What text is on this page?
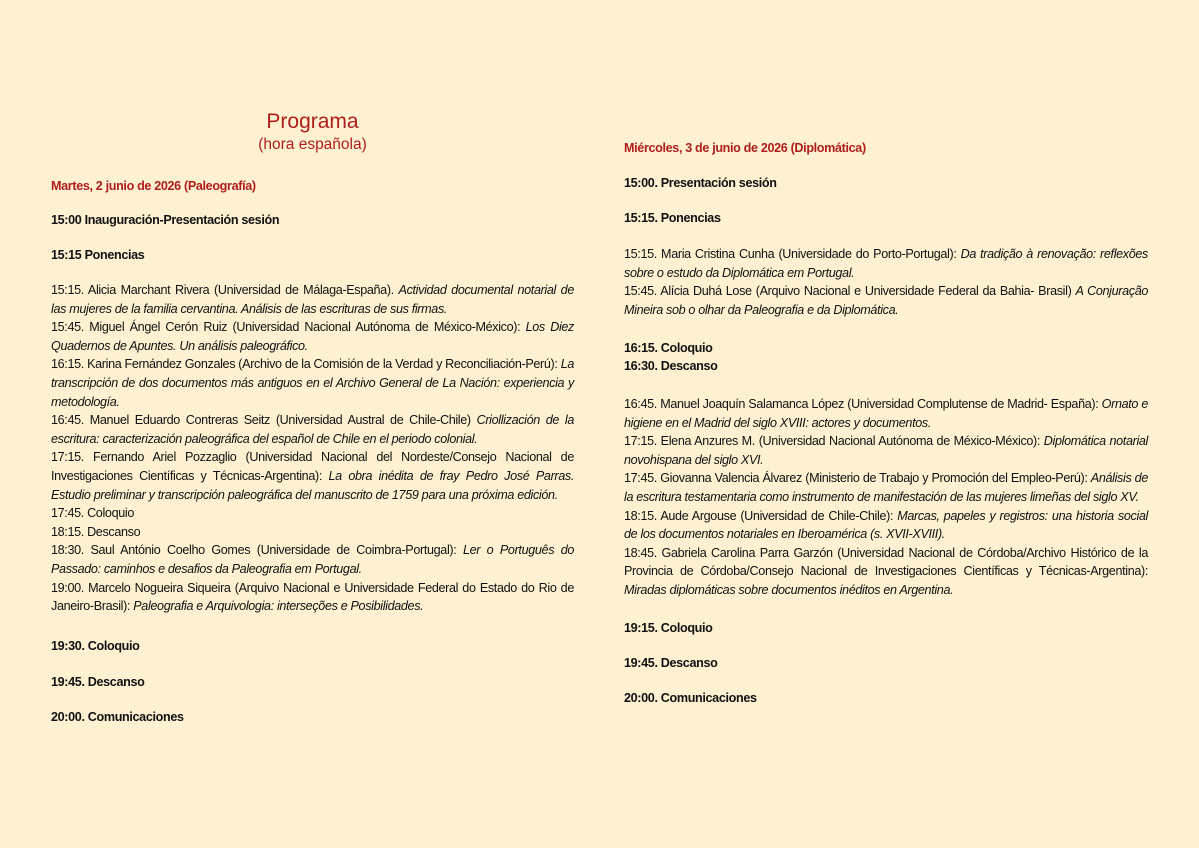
Programa
(hora española)
Martes, 2 junio de 2026 (Paleografía)
15:00 Inauguración-Presentación sesión
15:15 Ponencias

15:15. Alicia Marchant Rivera (Universidad de Málaga-España). Actividad documental notarial de las mujeres de la familia cervantina. Análisis de las escrituras de sus firmas.

15:45. Miguel Ángel Cerón Ruiz (Universidad Nacional Autónoma de México-México): Los Diez Quadernos de Apuntes. Un análisis paleográfico.

16:15. Karina Fernández Gonzales (Archivo de la Comisión de la Verdad y Reconciliación-Perú): La transcripción de dos documentos más antiguos en el Archivo General de La Nación: experiencia y metodología.

16:45. Manuel Eduardo Contreras Seitz (Universidad Austral de Chile-Chile) Criollización de la escritura: caracterización paleográfica del español de Chile en el periodo colonial.

17:15. Fernando Ariel Pozzaglio (Universidad Nacional del Nordeste/Consejo Nacional de Investigaciones Científicas y Técnicas-Argentina): La obra inédita de fray Pedro José Parras. Estudio preliminar y transcripción paleográfica del manuscrito de 1759 para una próxima edición.

17:45. Coloquio

18:15. Descanso

18:30. Saul António Coelho Gomes (Universidade de Coimbra-Portugal): Ler o Português do Passado: caminhos e desafios da Paleografia em Portugal.

19:00. Marcelo Nogueira Siqueira (Arquivo Nacional e Universidade Federal do Estado do Rio de Janeiro-Brasil): Paleografia e Arquivologia: interseções e Posibilidades.

19:30. Coloquio
19:45. Descanso
20:00. Comunicaciones
Miércoles, 3 de junio de 2026 (Diplomática)
15:00. Presentación sesión
15:15. Ponencias

15:15. Maria Cristina Cunha (Universidade do Porto-Portugal): Da tradição à renovação: reflexões sobre o estudo da Diplomática em Portugal.

15:45. Alícia Duhá Lose (Arquivo Nacional e Universidade Federal da Bahia- Brasil) A Conjuração Mineira sob o olhar da Paleografia e da Diplomática.

16:15. Coloquio
16:30. Descanso

16:45. Manuel Joaquín Salamanca López (Universidad Complutense de Madrid- España): Ornato e higiene en el Madrid del siglo XVIII: actores y documentos.

17:15. Elena Anzures M. (Universidad Nacional Autónoma de México-México): Diplomática notarial novohispana del siglo XVI.

17:45. Giovanna Valencia Álvarez (Ministerio de Trabajo y Promoción del Empleo-Perú): Análisis de la escritura testamentaria como instrumento de manifestación de las mujeres limeñas del siglo XV.

18:15. Aude Argouse (Universidad de Chile-Chile): Marcas, papeles y registros: una historia social de los documentos notariales en Iberoamérica (s. XVII-XVIII).

18:45. Gabriela Carolina Parra Garzón (Universidad Nacional de Córdoba/Archivo Histórico de la Provincia de Córdoba/Consejo Nacional de Investigaciones Científicas y Técnicas-Argentina): Miradas diplomáticas sobre documentos inéditos en Argentina.

19:15. Coloquio
19:45. Descanso
20:00. Comunicaciones
